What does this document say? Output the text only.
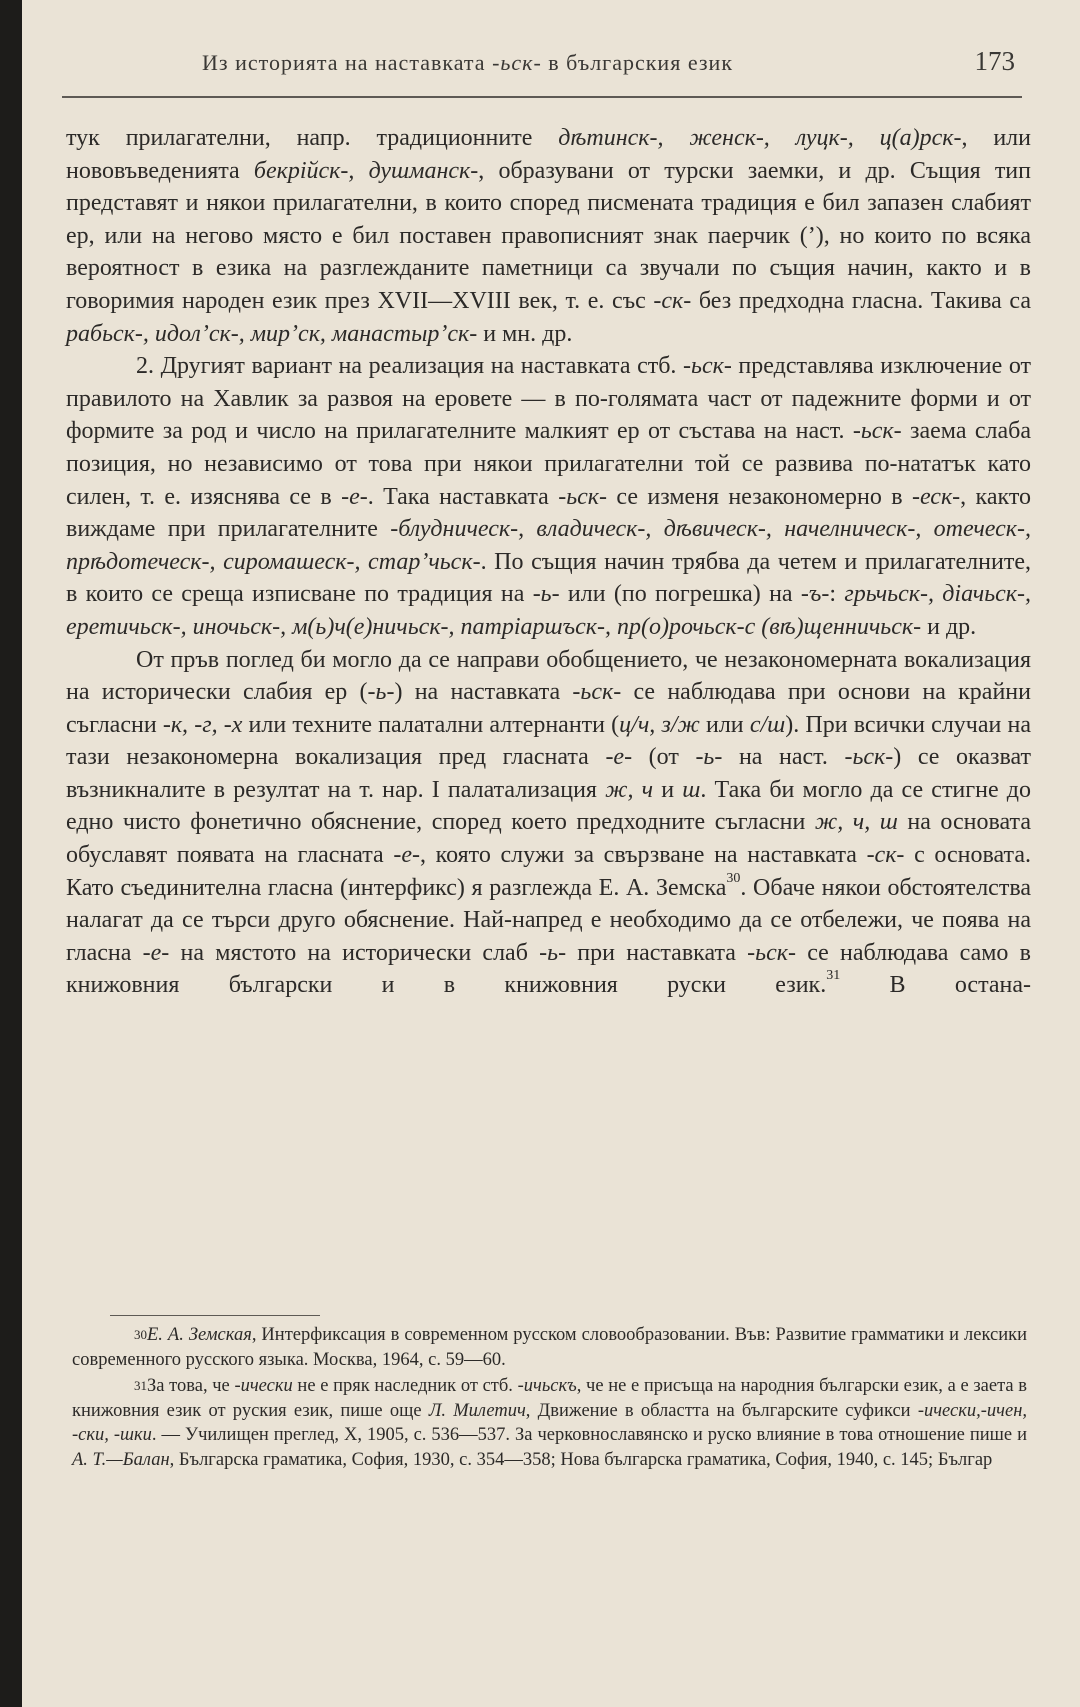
Из историята на наставката -ьск- в българския език	173

тук прилагателни, напр. традиционните дѣтинск-, женск-, луцк-, ц(а)рск-, или нововъведенията бекрійск-, душманск-, образувани от турски заемки, и др. Същия тип представят и някои прилагателни, в които според писмената традиция е бил запазен слабият ер, или на негово място е бил поставен правописният знак паерчик (’), но които по всяка вероятност в езика на разглежданите паметници са звучали по същия начин, както и в говоримия народен език през XVII—XVIII век, т. е. със -ск- без предходна гласна. Такива са рабьск-, идол’ск-, мир’ск, манастыр’ск- и мн. др.

2. Другият вариант на реализация на наставката стб. -ьск- представлява изключение от правилото на Хавлик за развоя на еровете — в по-голямата част от падежните форми и от формите за род и число на прилагателните малкият ер от състава на наст. -ьск- заема слаба позиция, но независимо от това при някои прилагателни той се развива по-нататък като силен, т. е. изяснява се в -е-. Така наставката -ьск- се изменя незакономерно в -еск-, както виждаме при прилагателните -блудническ-, владическ-, дѣвическ-, начелническ-, отеческ-, прѣдотеческ-, сиромашеск-, стар’чьск-. По същия начин трябва да четем и прилагателните, в които се среща изписване по традиция на -ь- или (по погрешка) на -ъ-: грьчьск-, діачьск-, еретичьск-, иночьск-, м(ь)ч(е)ничьск-, патріаршъск-, пр(о)рочьск-с (вѣ)щенничьск- и др.

От пръв поглед би могло да се направи обобщението, че незакономерната вокализация на исторически слабия ер (-ь-) на наставката -ьск- се наблюдава при основи на крайни съгласни -к, -г, -х или техните палатални алтернанти (ц/ч, з/ж или с/ш). При всички случаи на тази незакономерна вокализация пред гласната -е- (от -ь- на наст. -ьск-) се оказват възникналите в резултат на т. нар. I палатализация ж, ч и ш. Така би могло да се стигне до едно чисто фонетично обяснение, според което предходните съгласни ж, ч, ш на основата обуславят появата на гласната -е-, която служи за свързване на наставката -ск- с основата. Като съединителна гласна (интерфикс) я разглежда Е. А. Земска$^{30}$. Обаче някои обстоятелства налагат да се търси друго обяснение. Най-напред е необходимо да се отбележи, че поява на гласна -е- на мястото на исторически слаб -ь- при наставката -ьск- се наблюдава само в книжовния български и в книжовния руски език.$^{31}$ В остана-

$^{30}$Е. А. Земская, Интерфиксация в современном русском словообразовании. Във: Развитие грамматики и лексики современного русского языка. Москва, 1964, с. 59—60.

$^{31}$За това, че -ически не е пряк наследник от стб. -ичьскъ, че не е присъща на народния български език, а е заета в книжовния език от руския език, пише още Л. Милетич, Движение в областта на българските суфикси -ически,-ичен, -ски, -шки. — Училищен преглед, X, 1905, с. 536—537. За черковнославянско и руско влияние в това отношение пише и А. Т.—Балан, Българска граматика, София, 1930, с. 354—358; Нова българска граматика, София, 1940, с. 145; Българ
